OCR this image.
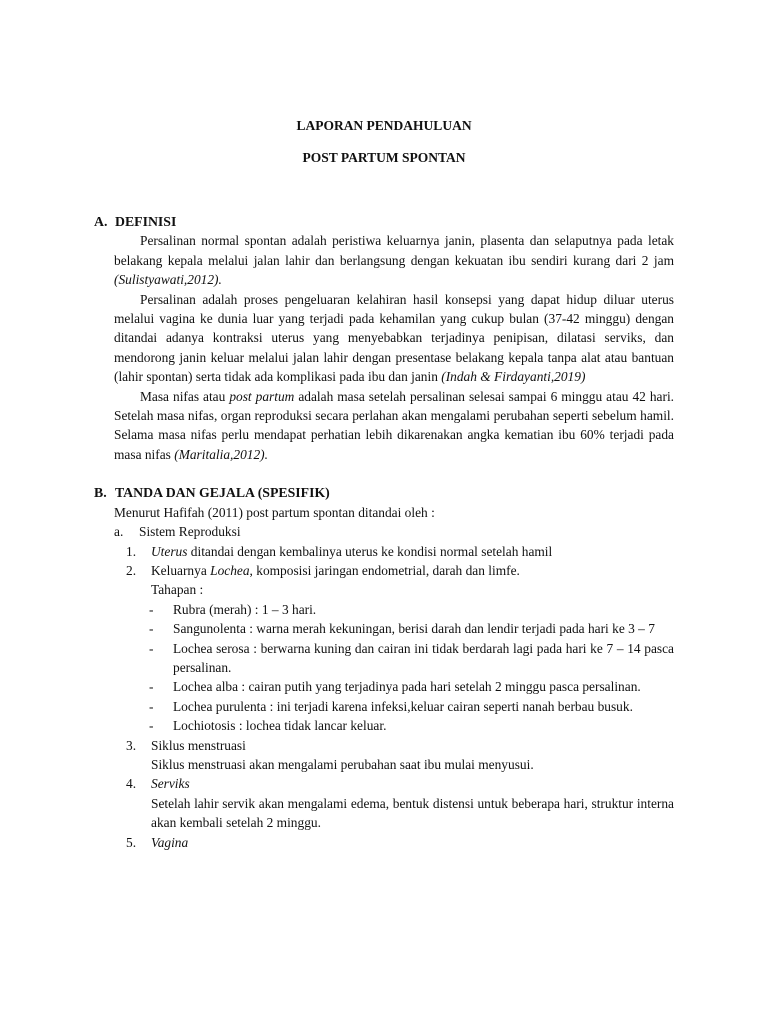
LAPORAN PENDAHULUAN
POST PARTUM SPONTAN
A. DEFINISI
Persalinan normal spontan adalah peristiwa keluarnya janin, plasenta dan selaputnya pada letak belakang kepala melalui jalan lahir dan berlangsung dengan kekuatan ibu sendiri kurang dari 2 jam (Sulistyawati,2012).
Persalinan adalah proses pengeluaran kelahiran hasil konsepsi yang dapat hidup diluar uterus melalui vagina ke dunia luar yang terjadi pada kehamilan yang cukup bulan (37-42 minggu) dengan ditandai adanya kontraksi uterus yang menyebabkan terjadinya penipisan, dilatasi serviks, dan mendorong janin keluar melalui jalan lahir dengan presentase belakang kepala tanpa alat atau bantuan (lahir spontan) serta tidak ada komplikasi pada ibu dan janin (Indah & Firdayanti,2019)
Masa nifas atau post partum adalah masa setelah persalinan selesai sampai 6 minggu atau 42 hari. Setelah masa nifas, organ reproduksi secara perlahan akan mengalami perubahan seperti sebelum hamil. Selama masa nifas perlu mendapat perhatian lebih dikarenakan angka kematian ibu 60% terjadi pada masa nifas (Maritalia,2012).
B. TANDA DAN GEJALA (SPESIFIK)
Menurut Hafifah (2011) post partum spontan ditandai oleh :
a.	Sistem Reproduksi
1.	Uterus ditandai dengan kembalinya uterus ke kondisi normal setelah hamil
2.	Keluarnya Lochea, komposisi jaringan endometrial, darah dan limfe.
Tahapan :
-	Rubra (merah) : 1 – 3 hari.
-	Sangunolenta : warna merah kekuningan, berisi darah dan lendir terjadi pada hari ke 3 – 7
-	Lochea serosa : berwarna kuning dan cairan ini tidak berdarah lagi pada hari ke 7 – 14 pasca persalinan.
-	Lochea alba : cairan putih yang terjadinya pada hari setelah 2 minggu pasca persalinan.
-	Lochea purulenta : ini terjadi karena infeksi,keluar cairan seperti nanah berbau busuk.
-	Lochiotosis : lochea tidak lancar keluar.
3.	Siklus menstruasi
Siklus menstruasi akan mengalami perubahan saat ibu mulai menyusui.
4.	Serviks
Setelah lahir servik akan mengalami edema, bentuk distensi untuk beberapa hari, struktur interna akan kembali setelah 2 minggu.
5.	Vagina
